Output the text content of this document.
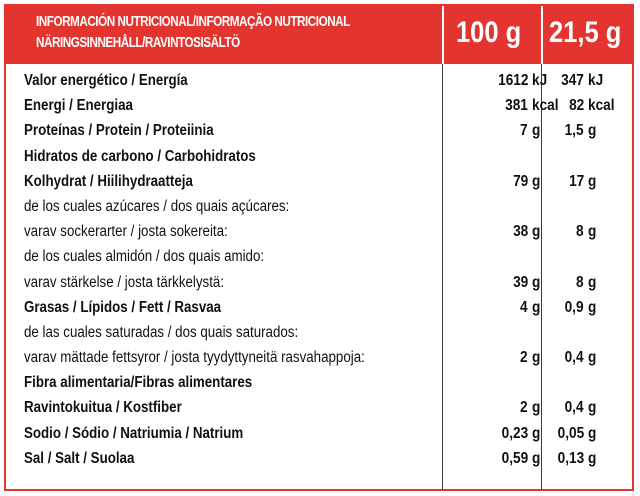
INFORMACIÓN NUTRICIONAL/INFORMAÇÃO NUTRICIONAL
NÄRINGSINNEHÅLL/RAVINTOSISÄLTÖ	100 g 21,5 g
Valor energético / Energía	1612 kJ 347 kJ
Energi / Energiaa	381 kcal 82 kcal
Proteínas / Protein / Proteiinia	7 g 1,5 g
Hidratos de carbono / Carbohidratos
Kolhydrat / Hiilihydraatteja	79 g 17 g
de los cuales azúcares / dos quais açúcares:
varav sockerarter / josta sokereita:	38 g 8 g
de los cuales almidón / dos quais amido:
varav stärkelse / josta tärkkelystä:	39 g 8 g
Grasas / Lípidos / Fett / Rasvaa	4 g 0,9 g
de las cuales saturadas / dos quais saturados:
varav mättade fettsyror / josta tyydyttyneitä rasvahappoja:	2 g 0,4 g
Fibra alimentaria/Fibras alimentares
Ravintokuitua / Kostfiber	2 g 0,4 g
Sodio / Sódio / Natriumia / Natrium	0,23 g 0,05 g
Sal / Salt / Suolaa	0,59 g 0,13 g
